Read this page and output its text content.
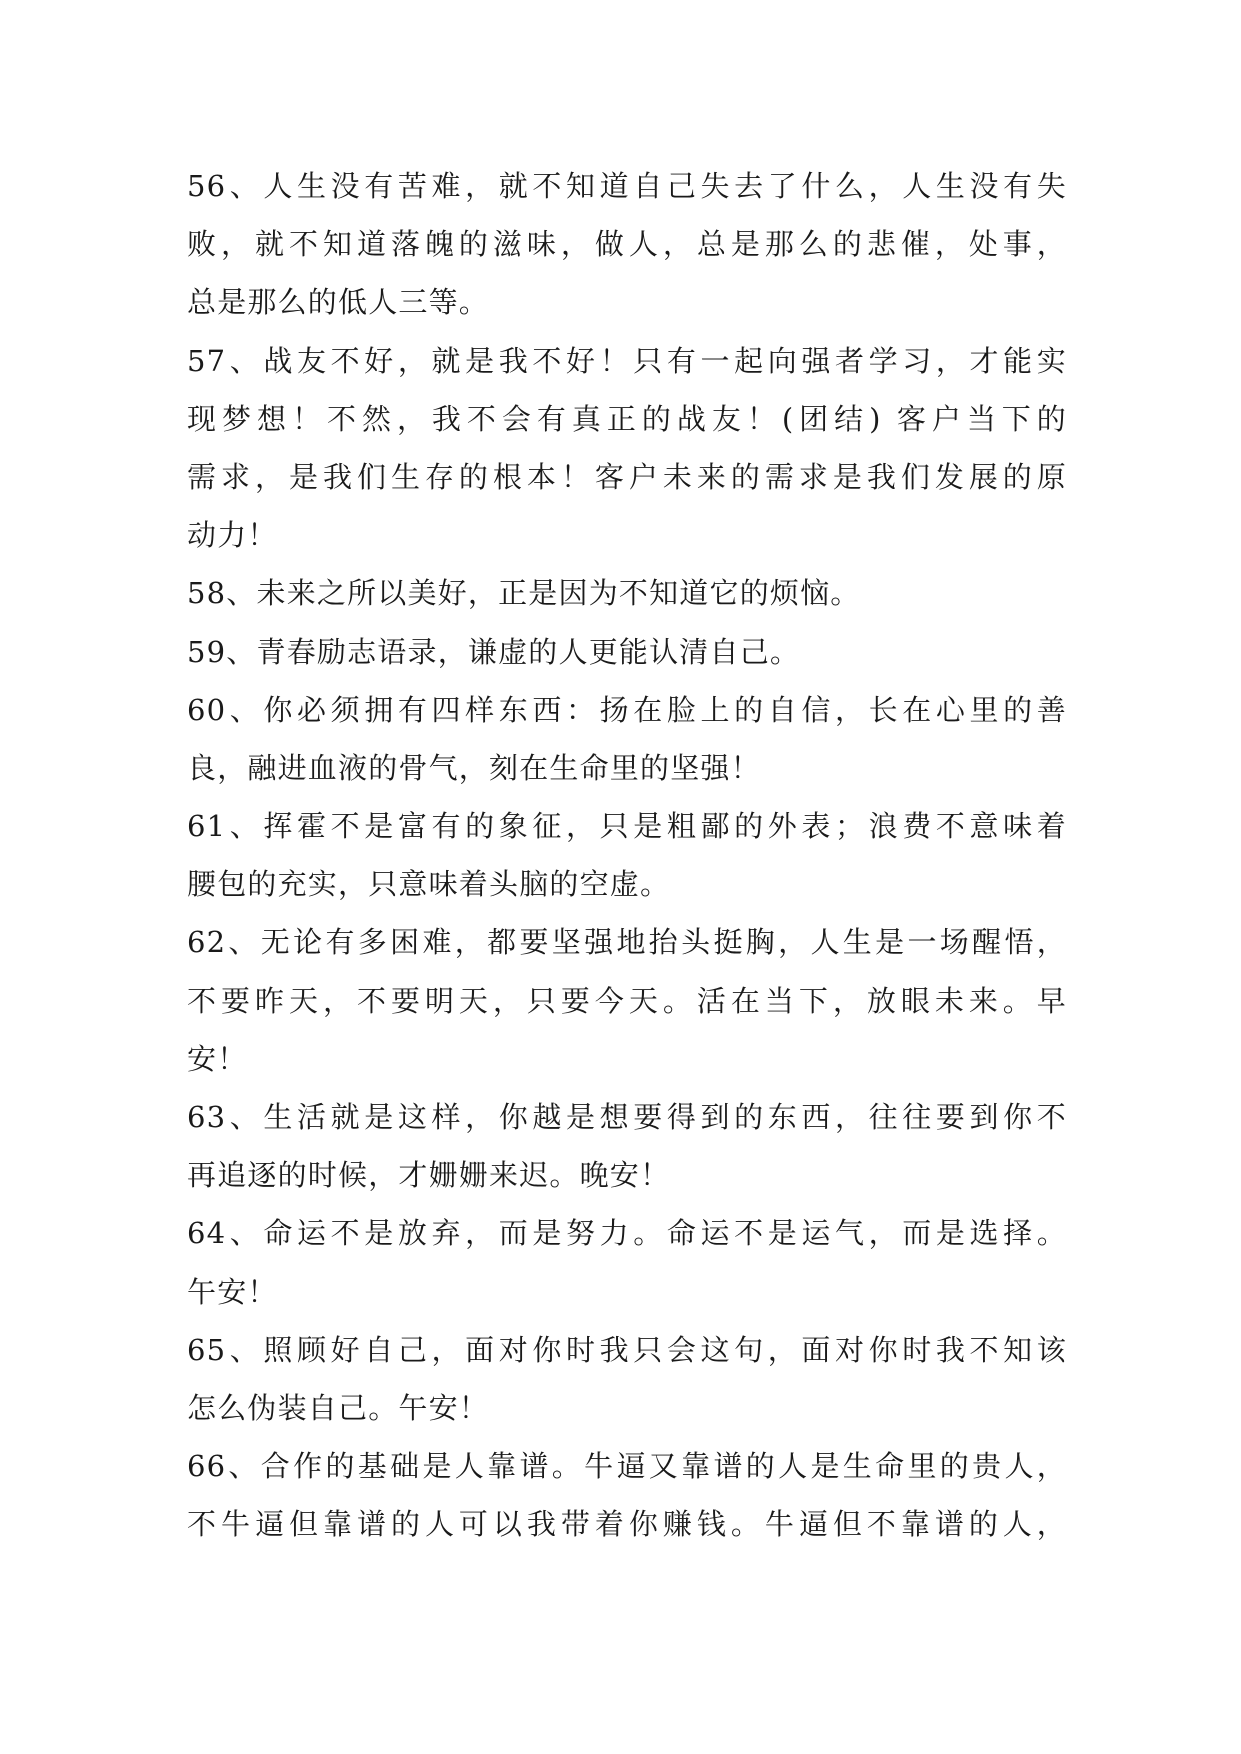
56、人生没有苦难，就不知道自己失去了什么，人生没有失
败，就不知道落魄的滋味，做人，总是那么的悲催，处事，
总是那么的低人三等。
57、战友不好，就是我不好！只有一起向强者学习，才能实
现梦想！不然，我不会有真正的战友！(团结) 客户当下的
需求，是我们生存的根本！客户未来的需求是我们发展的原
动力！
58、未来之所以美好，正是因为不知道它的烦恼。
59、青春励志语录，谦虚的人更能认清自己。
60、你必须拥有四样东西：扬在脸上的自信，长在心里的善
良，融进血液的骨气，刻在生命里的坚强！
61、挥霍不是富有的象征，只是粗鄙的外表；浪费不意味着
腰包的充实，只意味着头脑的空虚。
62、无论有多困难，都要坚强地抬头挺胸，人生是一场醒悟，
不要昨天，不要明天，只要今天。活在当下，放眼未来。早
安！
63、生活就是这样，你越是想要得到的东西，往往要到你不
再追逐的时候，才姗姗来迟。晚安！
64、命运不是放弃，而是努力。命运不是运气，而是选择。
午安！
65、照顾好自己，面对你时我只会这句，面对你时我不知该
怎么伪装自己。午安！
66、合作的基础是人靠谱。牛逼又靠谱的人是生命里的贵人，
不牛逼但靠谱的人可以我带着你赚钱。牛逼但不靠谱的人，
